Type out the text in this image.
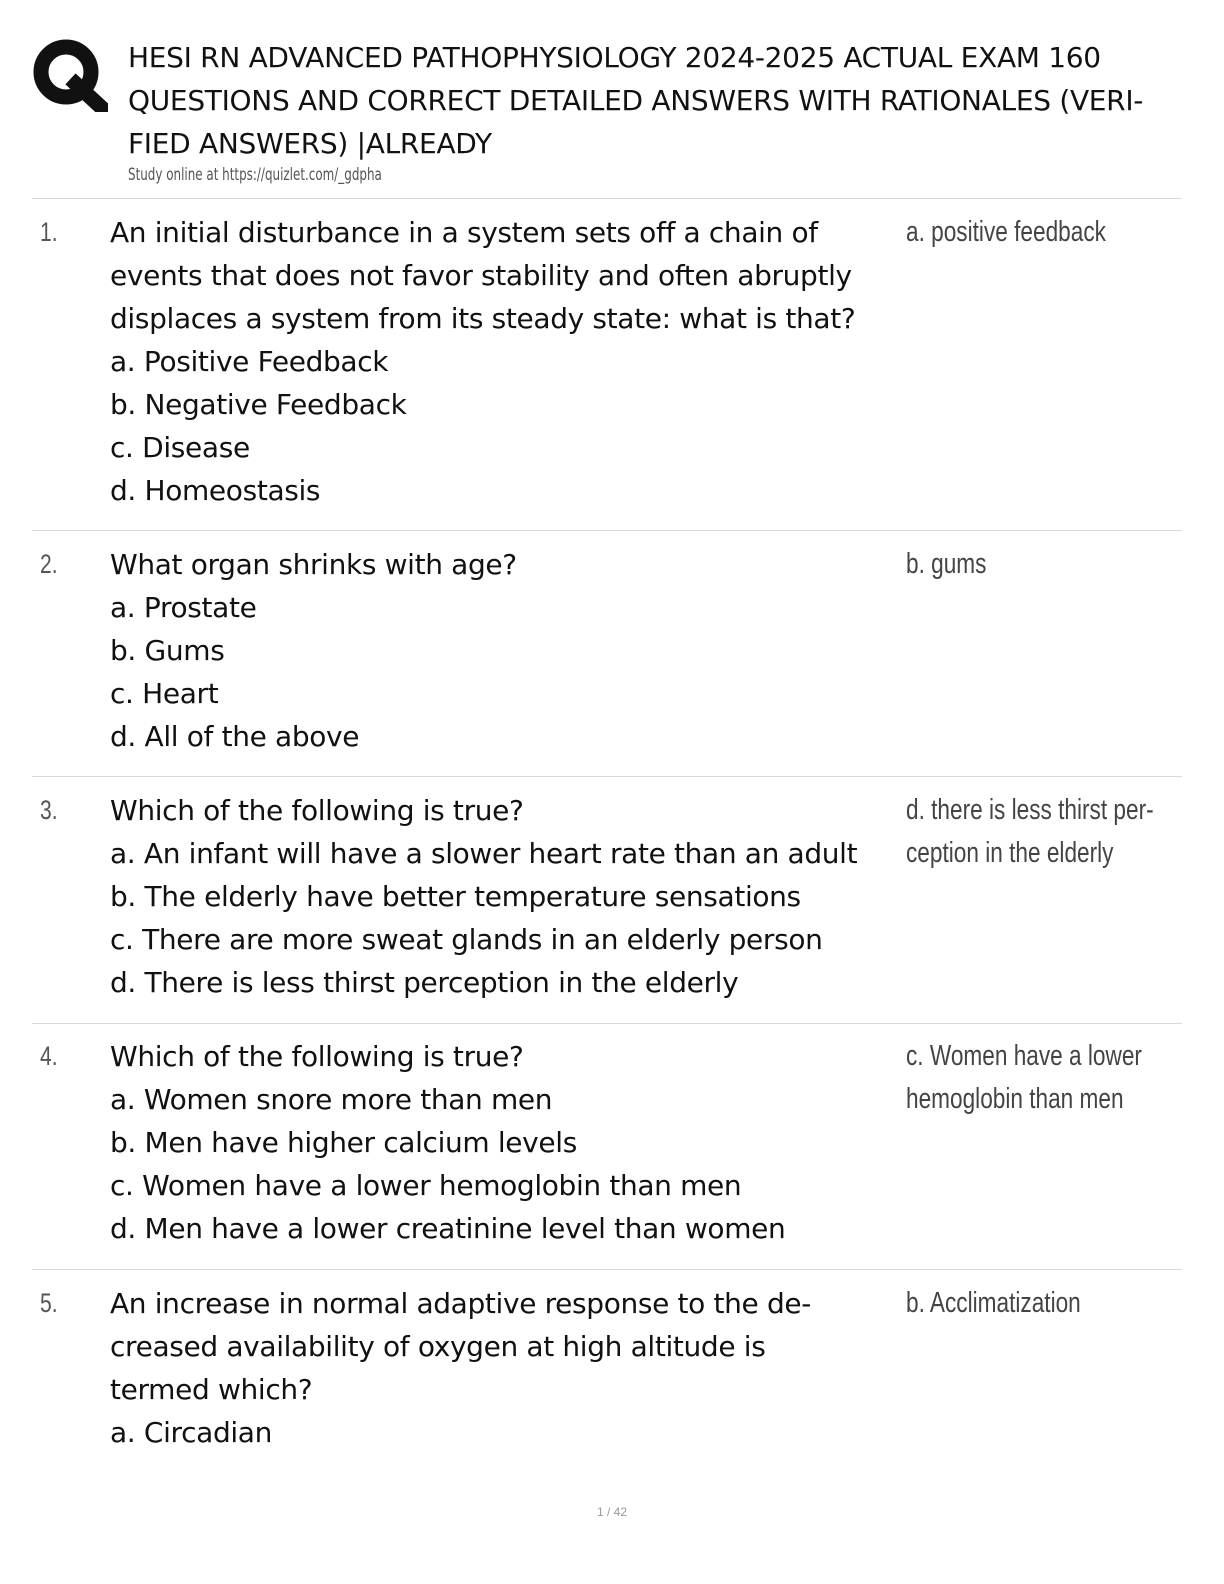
HESI RN ADVANCED PATHOPHYSIOLOGY 2024-2025 ACTUAL EXAM 160
QUESTIONS AND CORRECT DETAILED ANSWERS WITH RATIONALES (VERI-
FIED ANSWERS) |ALREADY
Study online at https://quizlet.com/_gdpha
1. An initial disturbance in a system sets off a chain of
events that does not favor stability and often abruptly
displaces a system from its steady state: what is that?
a. Positive Feedback
b. Negative Feedback
c. Disease
d. Homeostasis
a. positive feedback
2. What organ shrinks with age?
a. Prostate
b. Gums
c. Heart
d. All of the above
b. gums
3. Which of the following is true?
a. An infant will have a slower heart rate than an adult
b. The elderly have better temperature sensations
c. There are more sweat glands in an elderly person
d. There is less thirst perception in the elderly
d. there is less thirst per-
ception in the elderly
4. Which of the following is true?
a. Women snore more than men
b. Men have higher calcium levels
c. Women have a lower hemoglobin than men
d. Men have a lower creatinine level than women
c. Women have a lower
hemoglobin than men
5. An increase in normal adaptive response to the de-
creased availability of oxygen at high altitude is
termed which?
a. Circadian
b. Acclimatization
1 / 42
